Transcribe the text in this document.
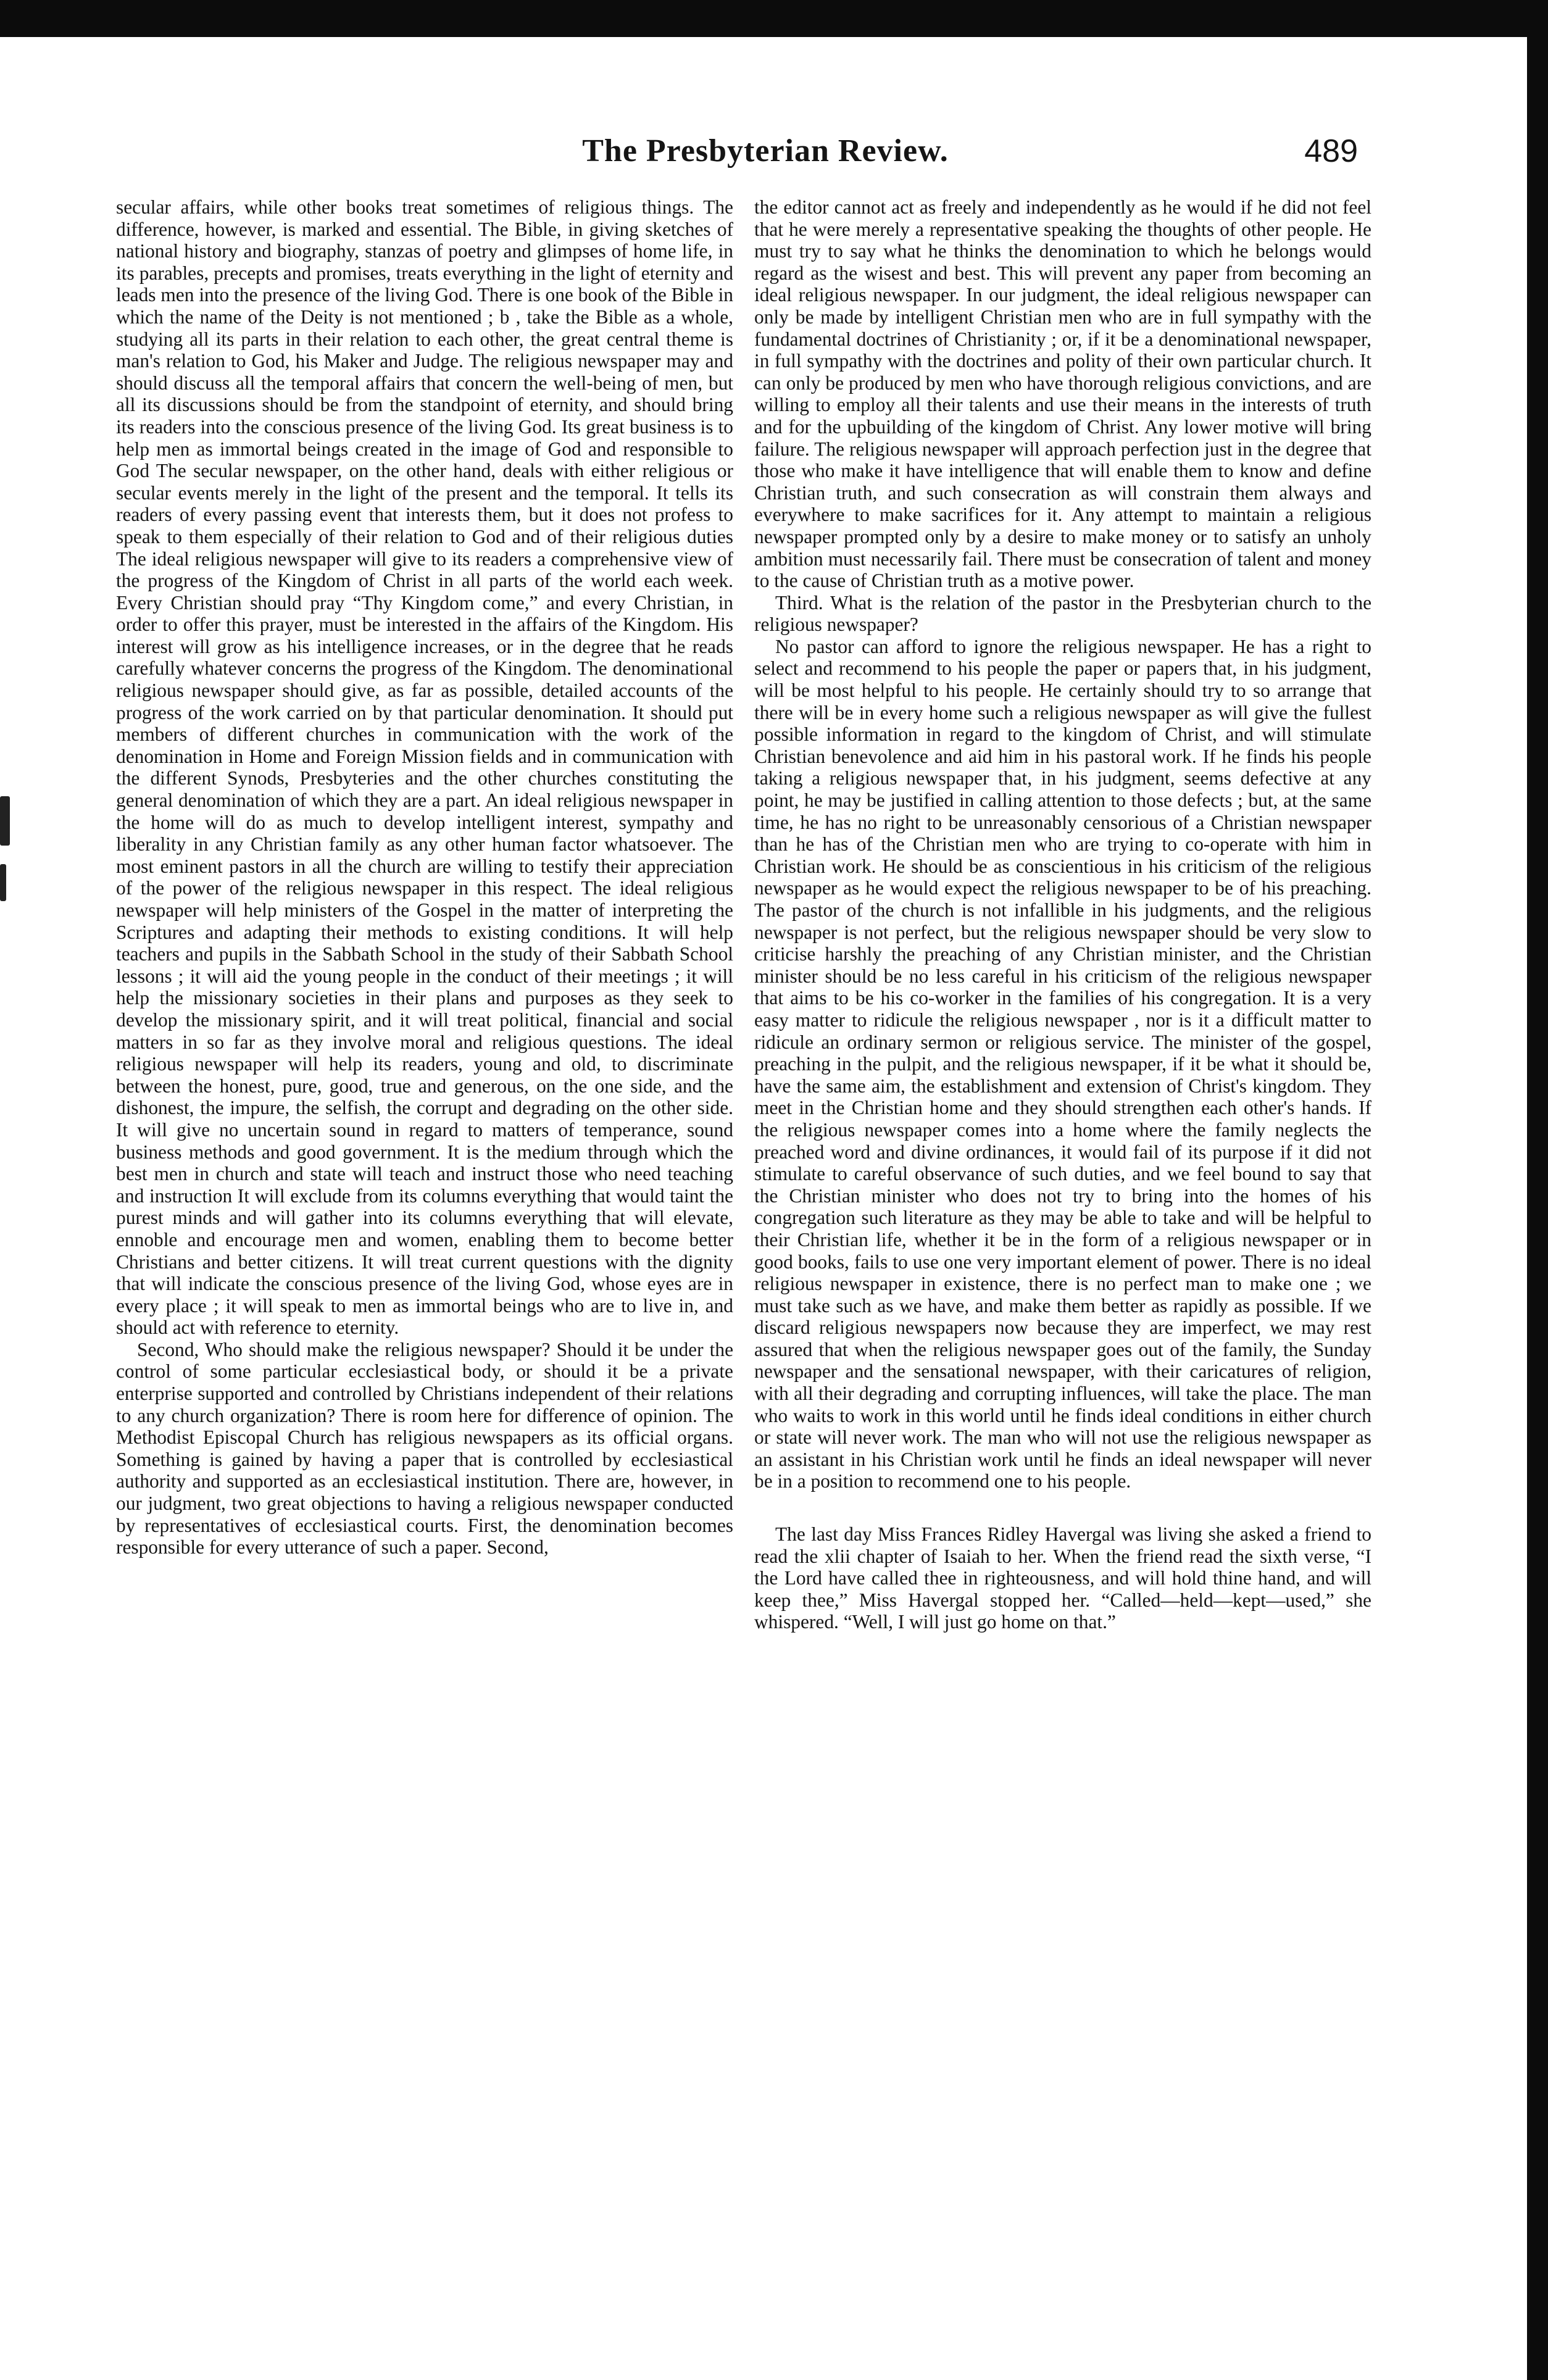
The Presbyterian Review.	489

secular affairs, while other books treat sometimes of religious things. The difference, however, is marked and essential. The Bible, in giving sketches of national history and biography, stanzas of poetry and glimpses of home life, in its parables, precepts and promises, treats everything in the light of eternity and leads men into the presence of the living God. There is one book of the Bible in which the name of the Deity is not mentioned ; b , take the Bible as a whole, studying all its parts in their relation to each other, the great central theme is man's relation to God, his Maker and Judge. The religious newspaper may and should discuss all the temporal affairs that concern the well-being of men, but all its discussions should be from the standpoint of eternity, and should bring its readers into the conscious presence of the living God. Its great business is to help men as immortal beings created in the image of God and responsible to God The secular newspaper, on the other hand, deals with either religious or secular events merely in the light of the present and the temporal. It tells its readers of every passing event that interests them, but it does not profess to speak to them especially of their relation to God and of their religious duties The ideal religious newspaper will give to its readers a comprehensive view of the progress of the Kingdom of Christ in all parts of the world each week. Every Christian should pray “Thy Kingdom come,” and every Christian, in order to offer this prayer, must be interested in the affairs of the Kingdom. His interest will grow as his intelligence increases, or in the degree that he reads carefully whatever concerns the progress of the Kingdom. The denominational religious newspaper should give, as far as possible, detailed accounts of the progress of the work carried on by that particular denomination. It should put members of different churches in communication with the work of the denomination in Home and Foreign Mission fields and in communication with the different Synods, Presbyteries and the other churches constituting the general denomination of which they are a part. An ideal religious newspaper in the home will do as much to develop intelligent interest, sympathy and liberality in any Christian family as any other human factor whatsoever. The most eminent pastors in all the church are willing to testify their appreciation of the power of the religious newspaper in this respect. The ideal religious newspaper will help ministers of the Gospel in the matter of interpreting the Scriptures and adapting their methods to existing conditions. It will help teachers and pupils in the Sabbath School in the study of their Sabbath School lessons ; it will aid the young people in the conduct of their meetings ; it will help the missionary societies in their plans and purposes as they seek to develop the missionary spirit, and it will treat political, financial and social matters in so far as they involve moral and religious questions. The ideal religious newspaper will help its readers, young and old, to discriminate between the honest, pure, good, true and generous, on the one side, and the dishonest, the impure, the selfish, the corrupt and degrading on the other side. It will give no uncertain sound in regard to matters of temperance, sound business methods and good government. It is the medium through which the best men in church and state will teach and instruct those who need teaching and instruction It will exclude from its columns everything that would taint the purest minds and will gather into its columns everything that will elevate, ennoble and encourage men and women, enabling them to become better Christians and better citizens. It will treat current questions with the dignity that will indicate the conscious presence of the living God, whose eyes are in every place ; it will speak to men as immortal beings who are to live in, and should act with reference to eternity.

Second, Who should make the religious newspaper? Should it be under the control of some particular ecclesiastical body, or should it be a private enterprise supported and controlled by Christians independent of their relations to any church organization? There is room here for difference of opinion. The Methodist Episcopal Church has religious newspapers as its official organs. Something is gained by having a paper that is controlled by ecclesiastical authority and supported as an ecclesiastical institution. There are, however, in our judgment, two great objections to having a religious newspaper conducted by representatives of ecclesiastical courts. First, the denomination becomes responsible for every utterance of such a paper. Second,

the editor cannot act as freely and independently as he would if he did not feel that he were merely a representative speaking the thoughts of other people. He must try to say what he thinks the denomination to which he belongs would regard as the wisest and best. This will prevent any paper from becoming an ideal religious newspaper. In our judgment, the ideal religious newspaper can only be made by intelligent Christian men who are in full sympathy with the fundamental doctrines of Christianity ; or, if it be a denominational newspaper, in full sympathy with the doctrines and polity of their own particular church. It can only be produced by men who have thorough religious convictions, and are willing to employ all their talents and use their means in the interests of truth and for the upbuilding of the kingdom of Christ. Any lower motive will bring failure. The religious newspaper will approach perfection just in the degree that those who make it have intelligence that will enable them to know and define Christian truth, and such consecration as will constrain them always and everywhere to make sacrifices for it. Any attempt to maintain a religious newspaper prompted only by a desire to make money or to satisfy an unholy ambition must necessarily fail. There must be consecration of talent and money to the cause of Christian truth as a motive power.

Third. What is the relation of the pastor in the Presbyterian church to the religious newspaper?

No pastor can afford to ignore the religious newspaper. He has a right to select and recommend to his people the paper or papers that, in his judgment, will be most helpful to his people. He certainly should try to so arrange that there will be in every home such a religious newspaper as will give the fullest possible information in regard to the kingdom of Christ, and will stimulate Christian benevolence and aid him in his pastoral work. If he finds his people taking a religious newspaper that, in his judgment, seems defective at any point, he may be justified in calling attention to those defects ; but, at the same time, he has no right to be unreasonably censorious of a Christian newspaper than he has of the Christian men who are trying to co-operate with him in Christian work. He should be as conscientious in his criticism of the religious newspaper as he would expect the religious newspaper to be of his preaching. The pastor of the church is not infallible in his judgments, and the religious newspaper is not perfect, but the religious newspaper should be very slow to criticise harshly the preaching of any Christian minister, and the Christian minister should be no less careful in his criticism of the religious newspaper that aims to be his co-worker in the families of his congregation. It is a very easy matter to ridicule the religious newspaper , nor is it a difficult matter to ridicule an ordinary sermon or religious service. The minister of the gospel, preaching in the pulpit, and the religious newspaper, if it be what it should be, have the same aim, the establishment and extension of Christ's kingdom. They meet in the Christian home and they should strengthen each other's hands. If the religious newspaper comes into a home where the family neglects the preached word and divine ordinances, it would fail of its purpose if it did not stimulate to careful observance of such duties, and we feel bound to say that the Christian minister who does not try to bring into the homes of his congregation such literature as they may be able to take and will be helpful to their Christian life, whether it be in the form of a religious newspaper or in good books, fails to use one very important element of power. There is no ideal religious newspaper in existence, there is no perfect man to make one ; we must take such as we have, and make them better as rapidly as possible. If we discard religious newspapers now because they are imperfect, we may rest assured that when the religious newspaper goes out of the family, the Sunday newspaper and the sensational newspaper, with their caricatures of religion, with all their degrading and corrupting influences, will take the place. The man who waits to work in this world until he finds ideal conditions in either church or state will never work. The man who will not use the religious newspaper as an assistant in his Christian work until he finds an ideal newspaper will never be in a position to recommend one to his people.

The last day Miss Frances Ridley Havergal was living she asked a friend to read the xlii chapter of Isaiah to her. When the friend read the sixth verse, “I the Lord have called thee in righteousness, and will hold thine hand, and will keep thee,” Miss Havergal stopped her. “Called—held—kept—used,” she whispered. “Well, I will just go home on that.”
